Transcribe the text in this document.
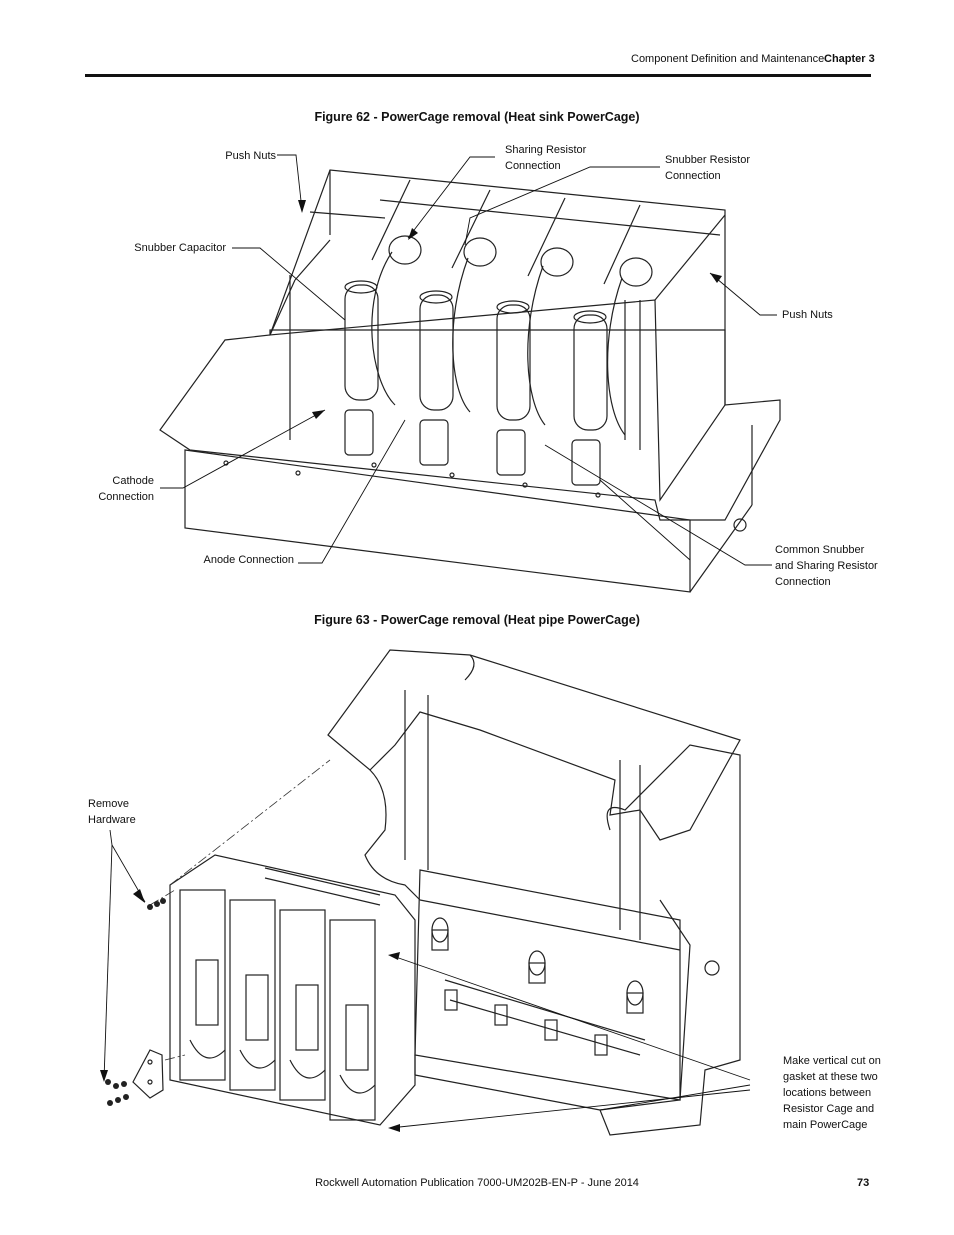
Component Definition and Maintenance Chapter 3
Figure 62 - PowerCage removal (Heat sink PowerCage)
Push Nuts	Sharing Resistor
Connection	Snubber Resistor
Connection
Snubber Capacitor
Push Nuts
Cathode
Connection
Anode Connection
Common Snubber
and Sharing Resistor
Connection
Figure 63 - PowerCage removal (Heat pipe PowerCage)
Remove
Hardware
Make vertical cut on
gasket at these two
locations between
Resistor Cage and
main PowerCage
Rockwell Automation Publication 7000-UM202B-EN-P - June 2014	73
